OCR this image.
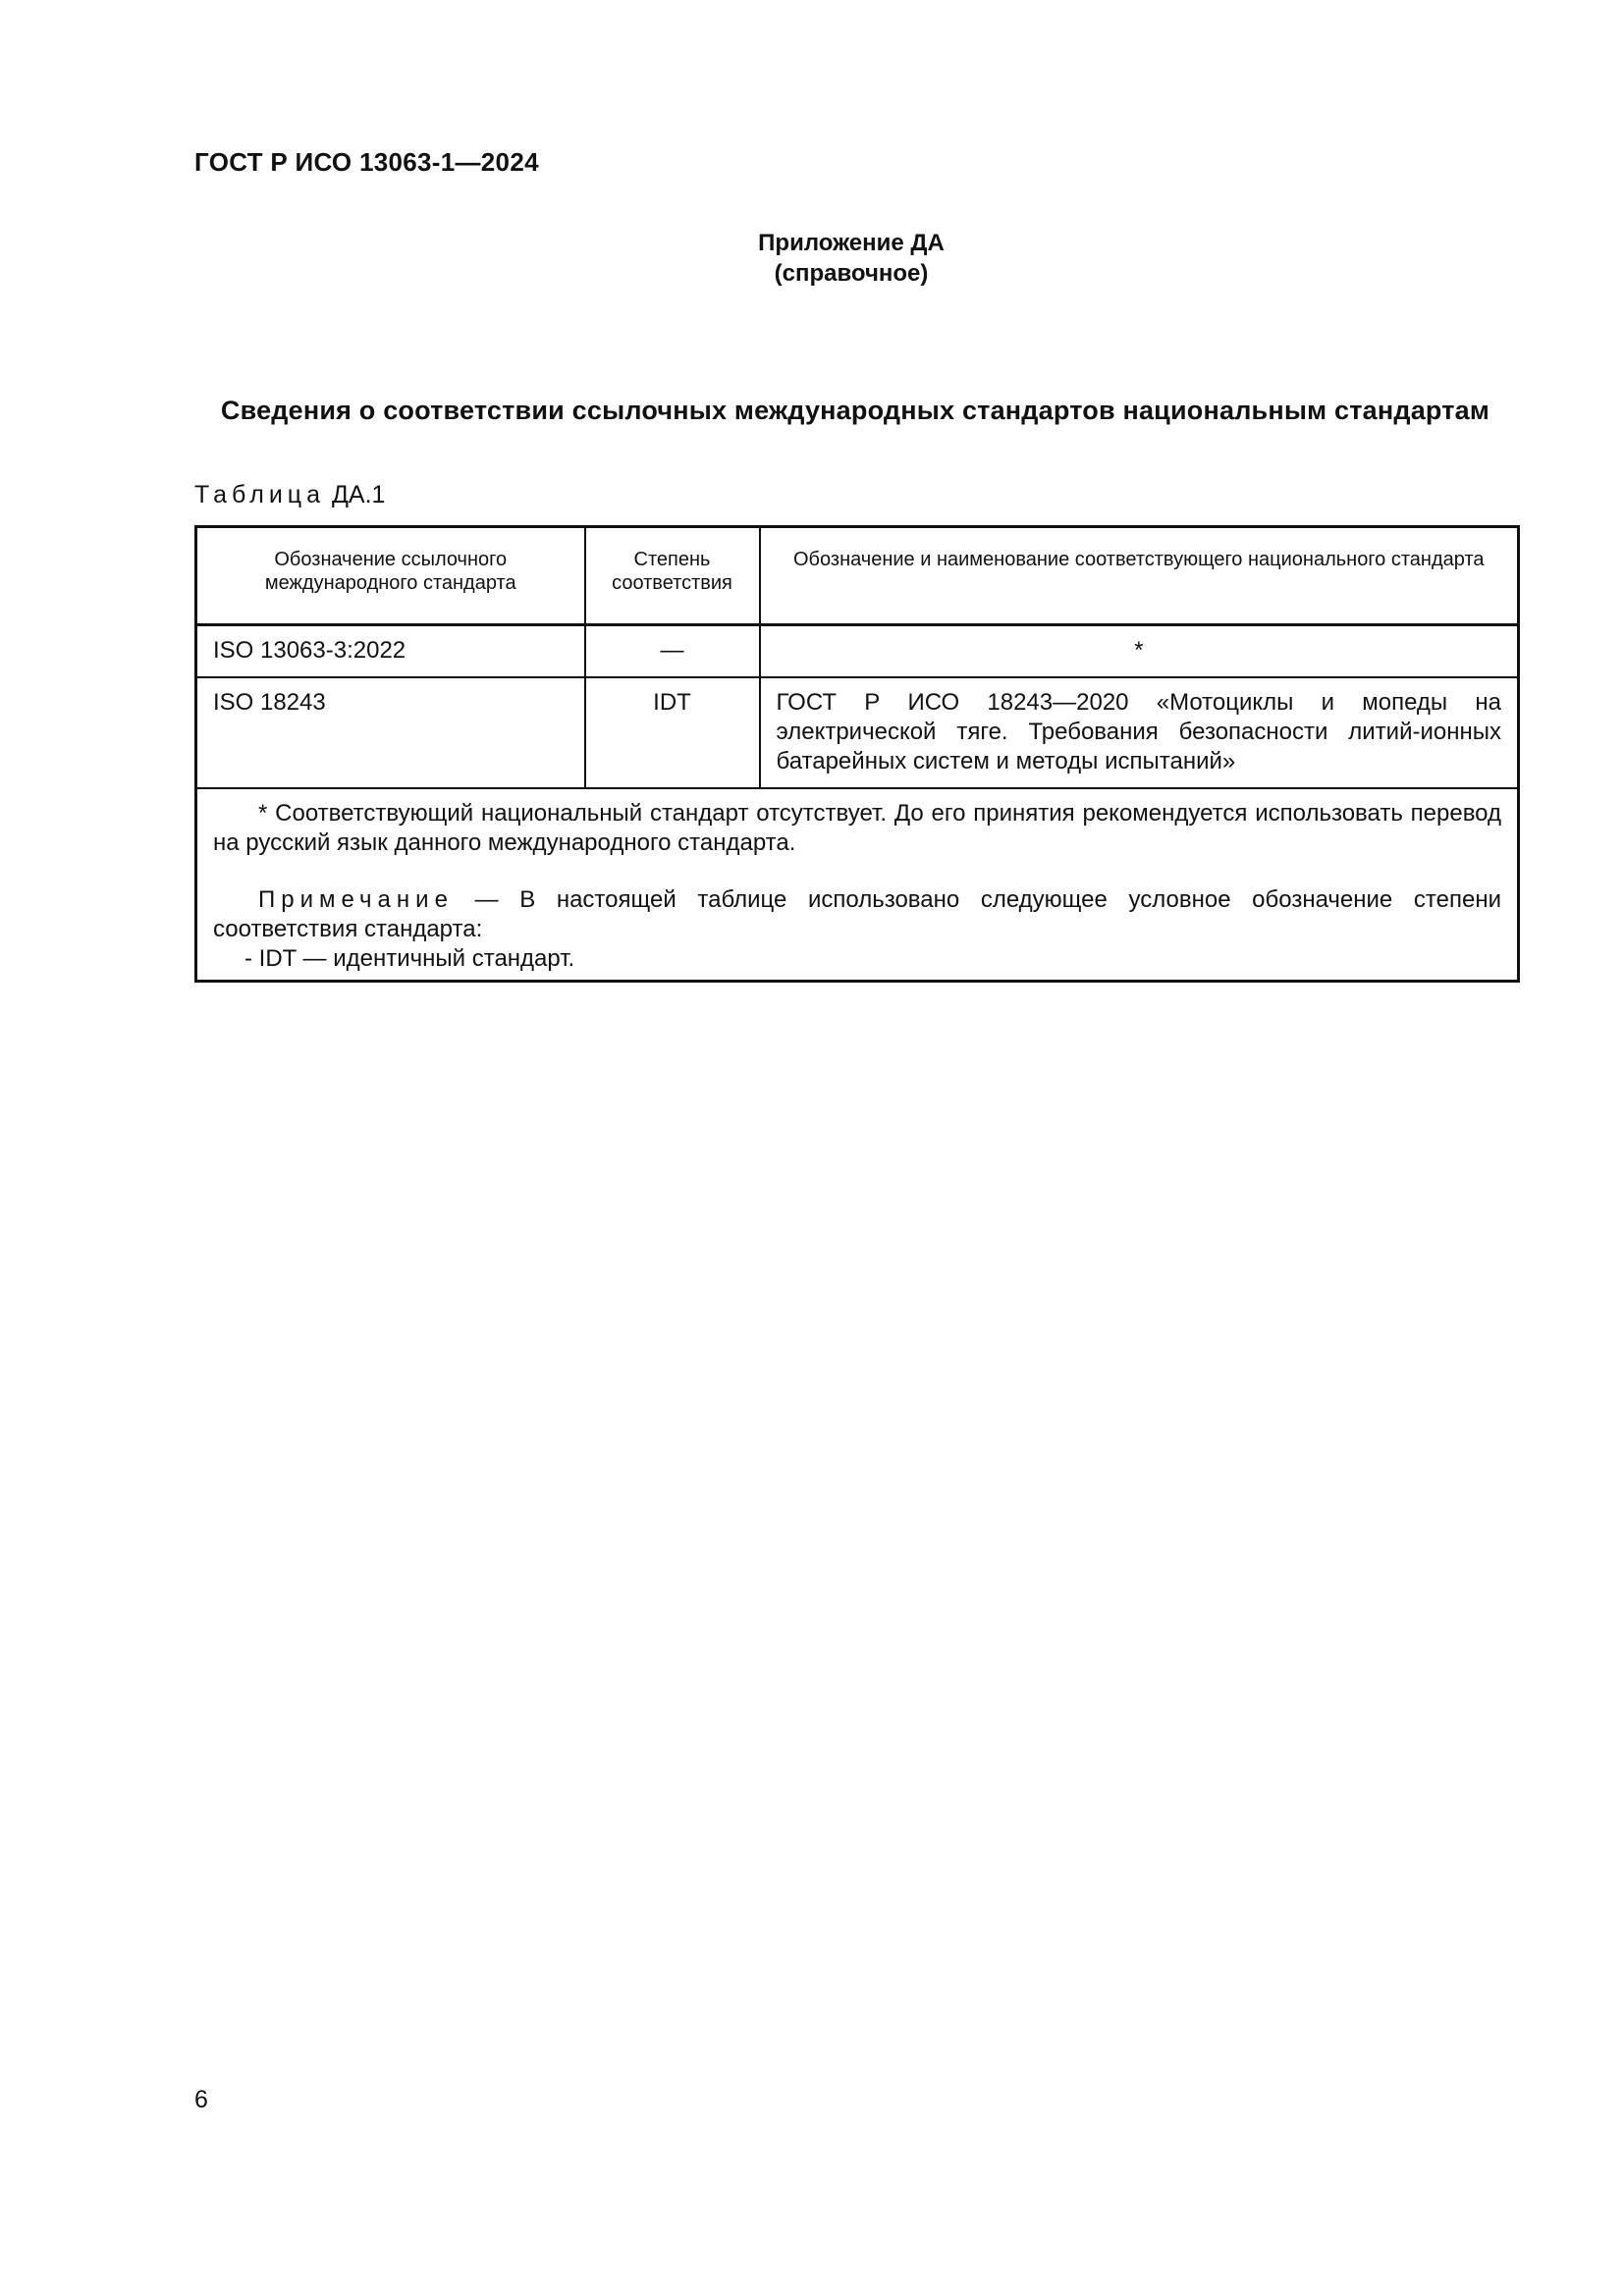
ГОСТ Р ИСО 13063-1—2024
Приложение ДА
(справочное)
Сведения о соответствии ссылочных международных стандартов национальным стандартам
Таблица ДА.1
Обозначение ссылочного международного стандарта	Степень соответствия	Обозначение и наименование соответствующего национального стандарта
ISO 13063-3:2022	—	*
ISO 18243	IDT	ГОСТ Р ИСО 18243—2020 «Мотоциклы и мопеды на электрической тяге. Требования безопасности литий-ионных батарейных систем и методы испытаний»

* Соответствующий национальный стандарт отсутствует. До его принятия рекомендуется использовать перевод на русский язык данного международного стандарта.

Примечание — В настоящей таблице использовано следующее условное обозначение степени соответствия стандарта:

- IDT — идентичный стандарт.		

6
